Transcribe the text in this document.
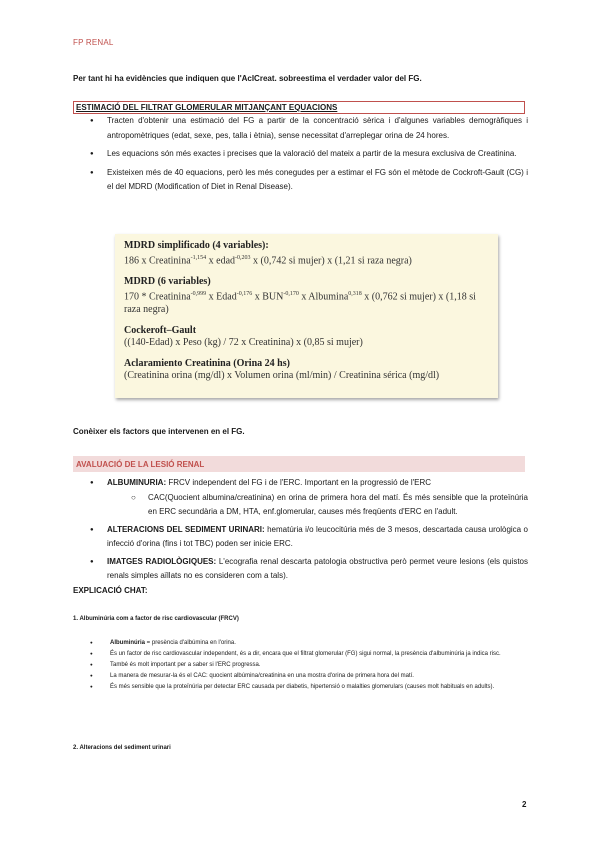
FP RENAL
Per tant hi ha evidències que indiquen que l'AclCreat. sobreestima el verdader valor del FG.
ESTIMACIÓ DEL FILTRAT GLOMERULAR MITJANÇANT EQUACIONS
● Tracten d'obtenir una estimació del FG a partir de la concentració sèrica i d'algunes variables demogràfiques i antropomètriques (edat, sexe, pes, talla i ètnia), sense necessitat d'arreplegar orina de 24 hores.
● Les equacions són més exactes i precises que la valoració del mateix a partir de la mesura exclusiva de Creatinina.
● Existeixen més de 40 equacions, però les més conegudes per a estimar el FG són el mètode de Cockroft-Gault (CG) i el del MDRD (Modification of Diet in Renal Disease).
MDRD simplificado (4 variables):
186 x Creatinina$^{-1,154}$ x edad$^{-0,203}$ x (0,742 si mujer) x (1,21 si raza negra)
MDRD (6 variables)
170 * Creatinina$^{-0,999}$ x Edad$^{-0,176}$ x $BUN^{-0,170}$ x Albumina$^{0,318}$ x (0,762 si mujer) x (1,18 si raza negra)
Cockeroft–Gault
((140-Edad) x Peso (kg) / 72 x Creatinina) x (0,85 si mujer)
Aclaramiento Creatinina (Orina 24 hs)
(Creatinina orina (mg/dl) x Volumen orina (ml/min) / Creatinina sérica (mg/dl)
Conèixer els factors que intervenen en el FG.
AVALUACIÓ DE LA LESIÓ RENAL
● ALBUMINURIA: FRCV independent del FG i de l'ERC. Important en la progressió de l'ERC
○ CAC(Quocient albumina/creatinina) en orina de primera hora del matí. És més sensible que la proteïnúria en ERC secundària a DM, HTA, enf.glomerular, causes més freqüents d'ERC en l'adult.
● ALTERACIONS DEL SEDIMENT URINARI: hematúria i/o leucocitúria més de 3 mesos, descartada causa urològica o infecció d'orina (fins i tot TBC) poden ser inicie ERC.
● IMATGES RADIOLÒGIQUES: L'ecografia renal descarta patologia obstructiva però permet veure lesions (els quistos renals simples aïllats no es consideren com a tals).
EXPLICACIÓ CHAT:
1. Albuminúria com a factor de risc cardiovascular (FRCV)
● Albuminúria = presència d'albúmina en l'orina.
● És un factor de risc cardiovascular independent, és a dir, encara que el filtrat glomerular (FG) sigui normal, la presència d'albuminúria ja indica risc.
● També és molt important per a saber si l'ERC progressa.
● La manera de mesurar-la és el CAC: quocient albúmina/creatinina en una mostra d'orina de primera hora del matí.
● És més sensible que la proteïnúria per detectar ERC causada per diabetis, hipertensió o malalties glomerulars (causes molt habituals en adults).
2. Alteracions del sediment urinari
2
